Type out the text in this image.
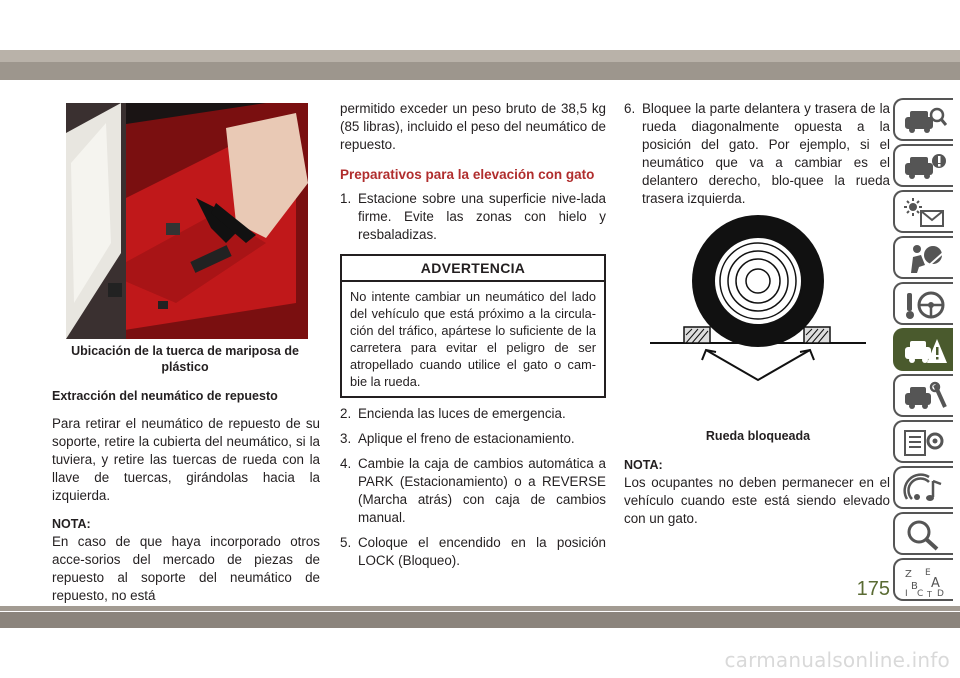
Ubicación de la tuerca de mariposa de plástico
Extracción del neumático de repuesto

Para retirar el neumático de repuesto de su soporte, retire la cubierta del neumático, si la tuviera, y retire las tuercas de rueda con la llave de tuercas, girándolas hacia la izquierda.

NOTA:

En caso de que haya incorporado otros acce-sorios del mercado de piezas de repuesto al soporte del neumático de repuesto, no está

permitido exceder un peso bruto de 38,5 kg (85 libras), incluido el peso del neumático de repuesto.

Preparativos para la elevación con gato
1. Estacione sobre una superficie nive-lada firme. Evite las zonas con hielo y resbaladizas.
ADVERTENCIA
No intente cambiar un neumático del lado del vehículo que está próximo a la circula-ción del tráfico, apártese lo suficiente de la carretera para evitar el peligro de ser atropellado cuando utilice el gato o cam-bie la rueda.
2. Encienda las luces de emergencia.
3. Aplique el freno de estacionamiento.
4. Cambie la caja de cambios automática a PARK (Estacionamiento) o a REVERSE (Marcha atrás) con caja de cambios manual.
5. Coloque el encendido en la posición LOCK (Bloqueo).
6. Bloquee la parte delantera y trasera de la rueda diagonalmente opuesta a la posición del gato. Por ejemplo, si el neumático que va a cambiar es el delantero derecho, blo-quee la rueda trasera izquierda.
Rueda bloqueada
NOTA:

Los ocupantes no deben permanecer en el vehículo cuando este está siendo elevado con un gato.

Z E
B A
I C T D
175
carmanualsonline.info
